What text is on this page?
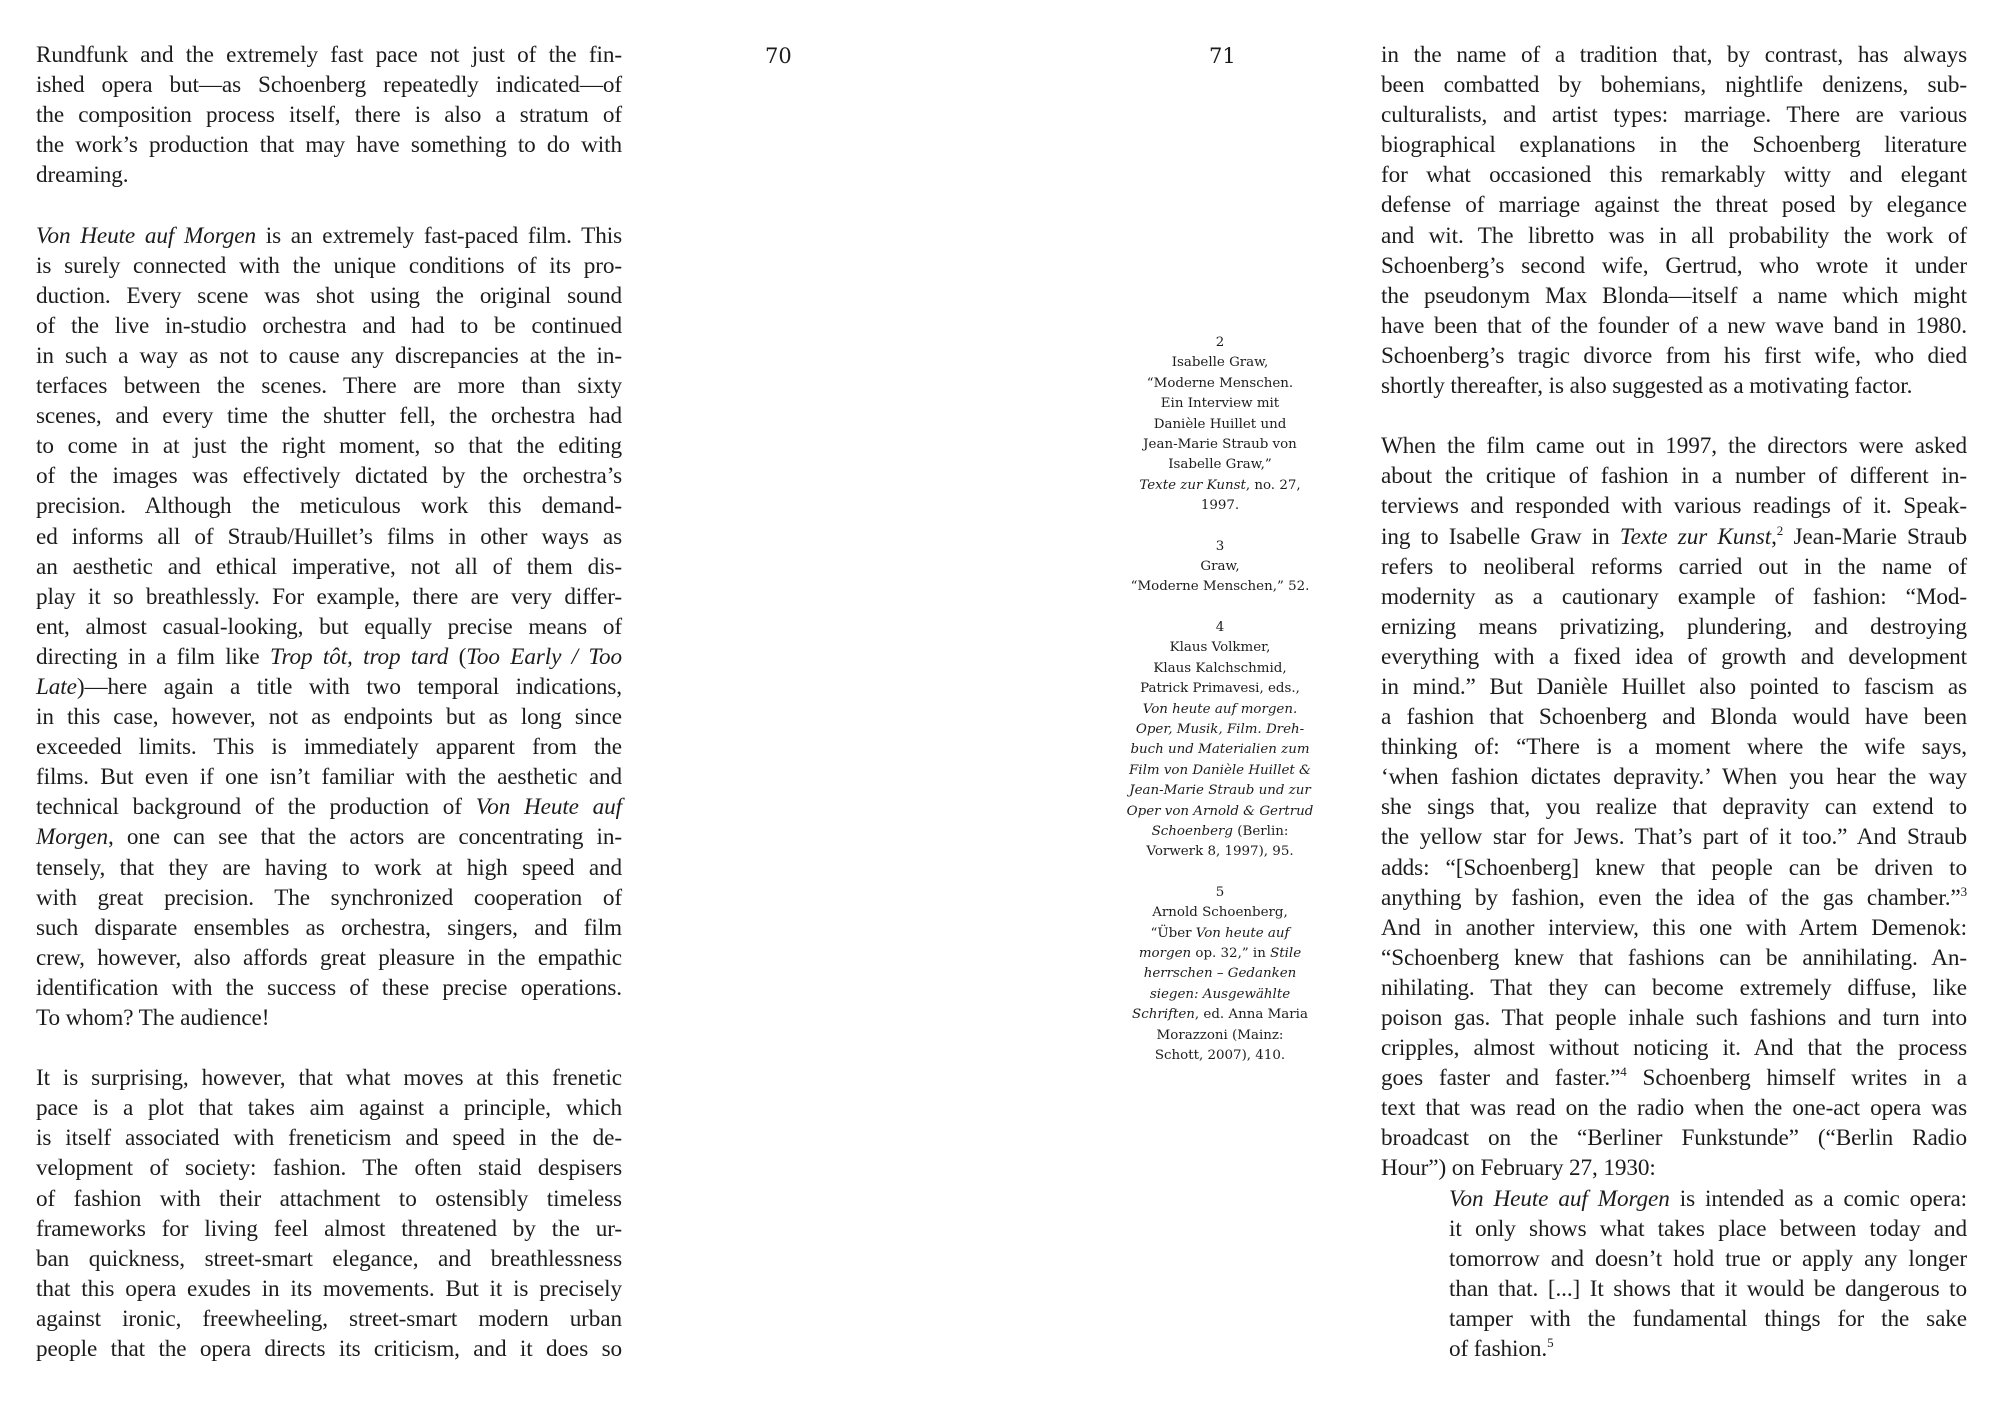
70	71
Rundfunk and the extremely fast pace not just of the fin-
ished opera but—as Schoenberg repeatedly indicated—of
the composition process itself, there is also a stratum of
the work’s production that may have something to do with
dreaming.
Von Heute auf Morgen is an extremely fast-paced film. This
is surely connected with the unique conditions of its pro-
duction. Every scene was shot using the original sound
of the live in-studio orchestra and had to be continued
in such a way as not to cause any discrepancies at the in-
terfaces between the scenes. There are more than sixty
scenes, and every time the shutter fell, the orchestra had
to come in at just the right moment, so that the editing
of the images was effectively dictated by the orchestra’s
precision. Although the meticulous work this demand-
ed informs all of Straub/Huillet’s films in other ways as
an aesthetic and ethical imperative, not all of them dis-
play it so breathlessly. For example, there are very differ-
ent, almost casual-looking, but equally precise means of
directing in a film like Trop tôt, trop tard (Too Early / Too
Late)—here again a title with two temporal indications,
in this case, however, not as endpoints but as long since
exceeded limits. This is immediately apparent from the
films. But even if one isn’t familiar with the aesthetic and
technical background of the production of Von Heute auf
Morgen, one can see that the actors are concentrating in-
tensely, that they are having to work at high speed and
with great precision. The synchronized cooperation of
such disparate ensembles as orchestra, singers, and film
crew, however, also affords great pleasure in the empathic
identification with the success of these precise operations.
To whom? The audience!
It is surprising, however, that what moves at this frenetic
pace is a plot that takes aim against a principle, which
is itself associated with freneticism and speed in the de-
velopment of society: fashion. The often staid despisers
of fashion with their attachment to ostensibly timeless
frameworks for living feel almost threatened by the ur-
ban quickness, street-smart elegance, and breathlessness
that this opera exudes in its movements. But it is precisely
against ironic, freewheeling, street-smart modern urban
people that the opera directs its criticism, and it does so
2
Isabelle Graw,
“Moderne Menschen.
Ein Interview mit
Danièle Huillet und
Jean-Marie Straub von
Isabelle Graw,”
Texte zur Kunst, no. 27,
1997.
3
Graw,
“Moderne Menschen,” 52.
4
Klaus Volkmer,
Klaus Kalchschmid,
Patrick Primavesi, eds.,
Von heute auf morgen.
Oper, Musik, Film. Dreh-
buch und Materialien zum
Film von Danièle Huillet &
Jean-Marie Straub und zur
Oper von Arnold & Gertrud
Schoenberg (Berlin:
Vorwerk 8, 1997), 95.
5
Arnold Schoenberg,
“Über Von heute auf
morgen op. 32,” in Stile
herrschen – Gedanken
siegen: Ausgewählte
Schriften, ed. Anna Maria
Morazzoni (Mainz:
Schott, 2007), 410.
in the name of a tradition that, by contrast, has always
been combatted by bohemians, nightlife denizens, sub-
culturalists, and artist types: marriage. There are various
biographical explanations in the Schoenberg literature
for what occasioned this remarkably witty and elegant
defense of marriage against the threat posed by elegance
and wit. The libretto was in all probability the work of
Schoenberg’s second wife, Gertrud, who wrote it under
the pseudonym Max Blonda—itself a name which might
have been that of the founder of a new wave band in 1980.
Schoenberg’s tragic divorce from his first wife, who died
shortly thereafter, is also suggested as a motivating factor.
When the film came out in 1997, the directors were asked
about the critique of fashion in a number of different in-
terviews and responded with various readings of it. Speak-
ing to Isabelle Graw in Texte zur Kunst,$^2$ Jean-Marie Straub
refers to neoliberal reforms carried out in the name of
modernity as a cautionary example of fashion: “Mod-
ernizing means privatizing, plundering, and destroying
everything with a fixed idea of growth and development
in mind.” But Danièle Huillet also pointed to fascism as
a fashion that Schoenberg and Blonda would have been
thinking of: “There is a moment where the wife says,
‘when fashion dictates depravity.’ When you hear the way
she sings that, you realize that depravity can extend to
the yellow star for Jews. That’s part of it too.” And Straub
adds: “[Schoenberg] knew that people can be driven to
anything by fashion, even the idea of the gas chamber.”$^3$
And in another interview, this one with Artem Demenok:
“Schoenberg knew that fashions can be annihilating. An-
nihilating. That they can become extremely diffuse, like
poison gas. That people inhale such fashions and turn into
cripples, almost without noticing it. And that the process
goes faster and faster.”$^4$ Schoenberg himself writes in a
text that was read on the radio when the one-act opera was
broadcast on the “Berliner Funkstunde” (“Berlin Radio
Hour”) on February 27, 1930:
Von Heute auf Morgen is intended as a comic opera:
it only shows what takes place between today and
tomorrow and doesn’t hold true or apply any longer
than that. [...] It shows that it would be dangerous to
tamper with the fundamental things for the sake
of fashion.$^5$
